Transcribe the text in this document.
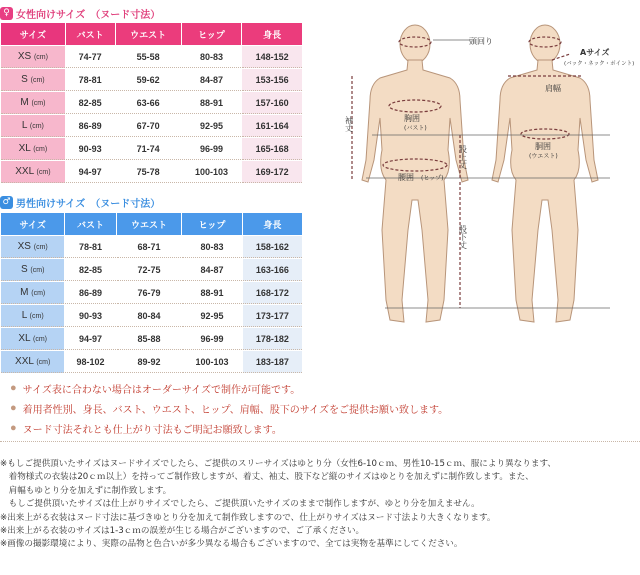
♀ 女性向けサイズ　（ヌード寸法）
サイズ	バスト	ウエスト	ヒップ	身長
XS (cm)	74-77	55-58	80-83	148-152
S (cm)	78-81	59-62	84-87	153-156
M (cm)	82-85	63-66	88-91	157-160
L (cm)	86-89	67-70	92-95	161-164
XL (cm)	90-93	71-74	96-99	165-168
XXL (cm)	94-97	75-78	100-103	169-172
♂ 男性向けサイズ　（ヌード寸法）
サイズ	バスト	ウエスト	ヒップ	身長
XS (cm)	78-81	68-71	80-83	158-162
S (cm)	82-85	72-75	84-87	163-166
M (cm)	86-89	76-79	88-91	168-172
L (cm)	90-93	80-84	92-95	173-177
XL (cm)	94-97	85-88	96-99	178-182
XXL (cm)	98-102	89-92	100-103	183-187
頭回り
Aサイズ
(バック・ネック・ポイント)
肩幅
袖丈	胸囲
(バスト)
胴囲
(ウエスト)
腰囲 (ヒップ)
股上丈
股下丈
● サイズ表に合わない場合はオーダーサイズで制作が可能です。
● 着用者性別、身長、バスト、ウエスト、ヒップ、肩幅、股下のサイズをご提供お願い致します。
● ヌード寸法それとも仕上がり寸法もご明記お願致します。
※もしご提供頂いたサイズはヌードサイズでしたら、ご提供のスリーサイズはゆとり分（女性6-10ｃｍ、男性10-15ｃｍ、服により異なります、
　着物様式の衣装は20ｃｍ以上）を持ってご制作致しますが、着丈、袖丈、股下など縦のサイズはゆとりを加えずに制作致します。また、
　肩幅もゆとり分を加えずに制作致します。
　もしご提供頂いたサイズは仕上がりサイズでしたら、ご提供頂いたサイズのままで制作しますが、ゆとり分を加えません。
※出来上がる衣装はヌード寸法に基づきゆとり分を加えて制作致しますので、仕上がりサイズはヌード寸法より大きくなります。
※出来上がる衣装のサイズは1-3ｃｍの誤差が生じる場合がございますので、ご了承ください。
※画像の撮影環境により、実際の品物と色合いが多少異なる場合もございますので、全ては実物を基準にしてください。
